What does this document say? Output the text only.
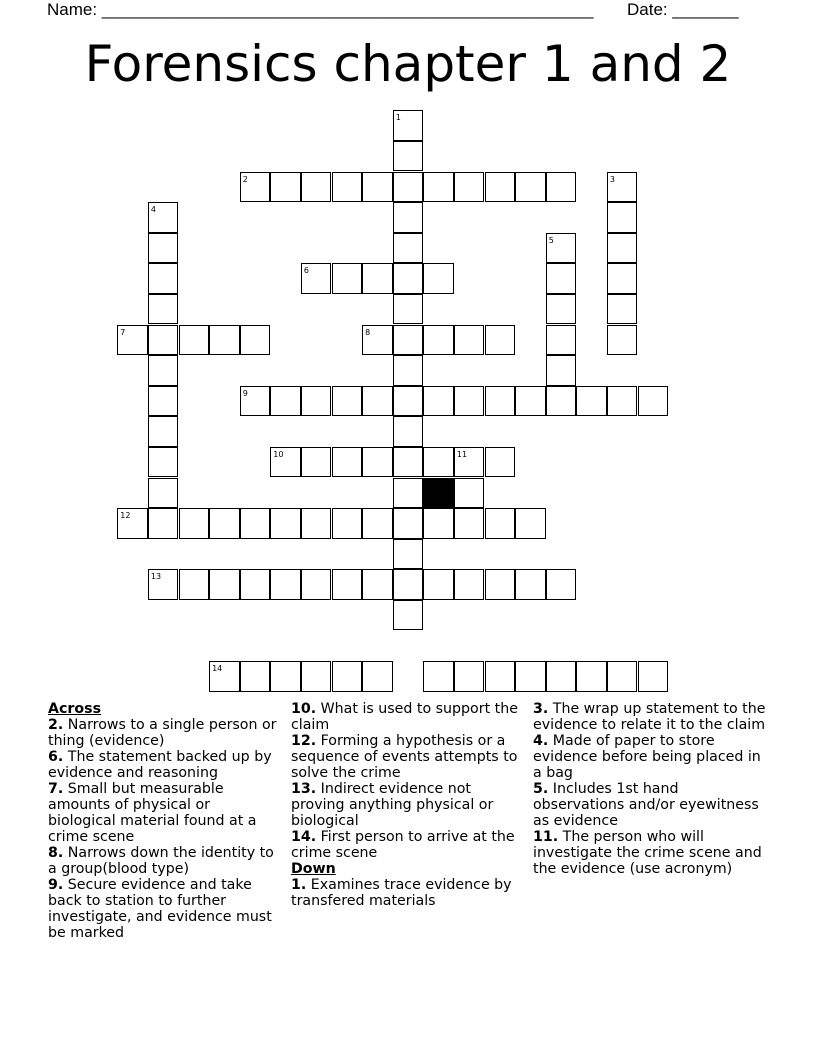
Name: ____________________________________________________ Date: _______
Forensics chapter 1 and 2
1
2	3
4
5
6
7	8
9
10	11
12
13
14
Across
2. Narrows to a single person or thing (evidence)
6. The statement backed up by evidence and reasoning
7. Small but measurable amounts of physical or biological material found at a crime scene
8. Narrows down the identity to a group(blood type)
9. Secure evidence and take back to station to further investigate, and evidence must be marked
10. What is used to support the claim
12. Forming a hypothesis or a sequence of events attempts to solve the crime
13. Indirect evidence not proving anything physical or biological
14. First person to arrive at the crime scene
Down
1. Examines trace evidence by transfered materials
3. The wrap up statement to the evidence to relate it to the claim
4. Made of paper to store evidence before being placed in a bag
5. Includes 1st hand observations and/or eyewitness as evidence
11. The person who will investigate the crime scene and the evidence (use acronym)
